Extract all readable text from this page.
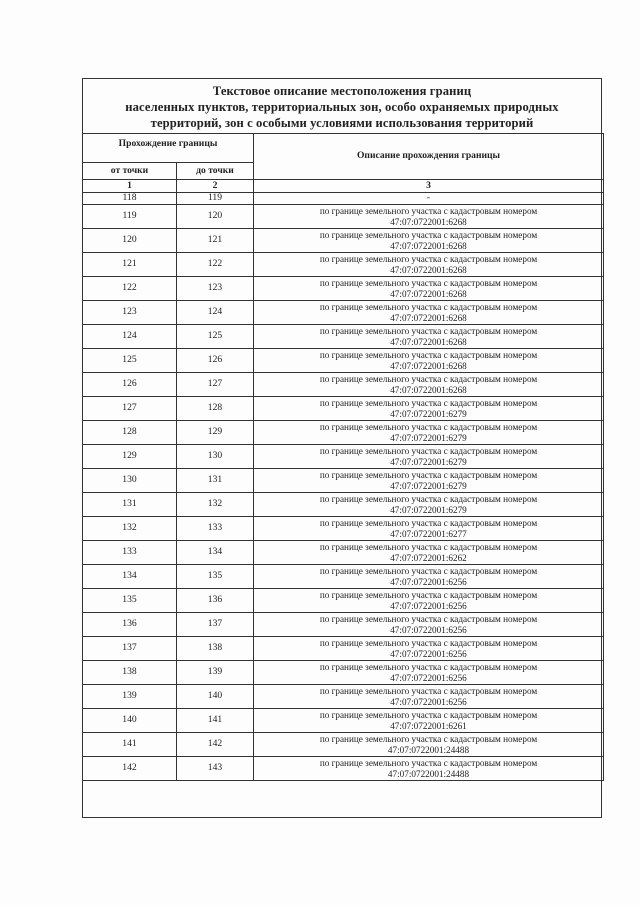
Текстовое описание местоположения границ
населенных пунктов, территориальных зон, особо охраняемых природных
территорий, зон с особыми условиями использования территорий
Прохождение границы		Описание прохождения границы
от точки	до точки	
1	2	3
118	119	-
119	120	по границе земельного участка с кадастровым номером
47:07:0722001:6268

120	121	по границе земельного участка с кадастровым номером
47:07:0722001:6268

121	122	по границе земельного участка с кадастровым номером
47:07:0722001:6268

122	123	по границе земельного участка с кадастровым номером
47:07:0722001:6268

123	124	по границе земельного участка с кадастровым номером
47:07:0722001:6268

124	125	по границе земельного участка с кадастровым номером
47:07:0722001:6268

125	126	по границе земельного участка с кадастровым номером
47:07:0722001:6268

126	127	по границе земельного участка с кадастровым номером
47:07:0722001:6268

127	128	по границе земельного участка с кадастровым номером
47:07:0722001:6279

128	129	по границе земельного участка с кадастровым номером
47:07:0722001:6279

129	130	по границе земельного участка с кадастровым номером
47:07:0722001:6279

130	131	по границе земельного участка с кадастровым номером
47:07:0722001:6279

131	132	по границе земельного участка с кадастровым номером
47:07:0722001:6279

132	133	по границе земельного участка с кадастровым номером
47:07:0722001:6277

133	134	по границе земельного участка с кадастровым номером
47:07:0722001:6262

134	135	по границе земельного участка с кадастровым номером
47:07:0722001:6256

135	136	по границе земельного участка с кадастровым номером
47:07:0722001:6256

136	137	по границе земельного участка с кадастровым номером
47:07:0722001:6256

137	138	по границе земельного участка с кадастровым номером
47:07:0722001:6256

138	139	по границе земельного участка с кадастровым номером
47:07:0722001:6256

139	140	по границе земельного участка с кадастровым номером
47:07:0722001:6256

140	141	по границе земельного участка с кадастровым номером
47:07:0722001:6261

141	142	по границе земельного участка с кадастровым номером
47:07:0722001:24488

142	143	по границе земельного участка с кадастровым номером
47:07:0722001:24488
